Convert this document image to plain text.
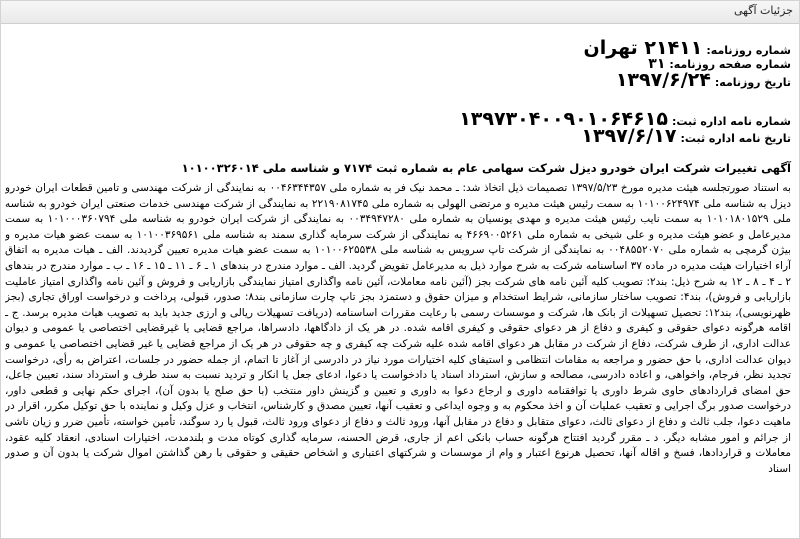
جزئیات آگهی
شماره روزنامه:
۲۱۴۱۱ تهران
شماره صفحه روزنامه:
۳۱
تاریخ روزنامه:
۱۳۹۷/۶/۲۴
شماره نامه اداره ثبت:
۱۳۹۷۳۰۴۰۰۹۰۱۰۶۴۶۱۵
تاریخ نامه اداره ثبت:
۱۳۹۷/۶/۱۷
آگهی تغییرات شرکت ایران خودرو دیزل شرکت سهامی عام به شماره ثبت ۷۱۷۴ و شناسه ملی ۱۰۱۰۰۳۲۶۰۱۴
به استناد صورتجلسه هیئت مدیره مورخ ۱۳۹۷/۵/۲۳ تصمیمات ذیل اتخاذ شد: ـ محمد نیک فر به شماره ملی ۰۰۴۶۳۴۴۳۵۷ به نمایندگی از شرکت مهندسی و تامین قطعات ایران خودرو دیزل به شناسه ملی ۱۰۱۰۰۶۲۴۹۷۴ به سمت رئیس هیئت مدیره و مرتضی الهولی به شماره ملی ۲۲۱۹۰۸۱۷۴۵ به نمایندگی از شرکت مهندسی خدمات صنعتی ایران خودرو به شناسه ملی ۱۰۱۰۱۸۰۱۵۲۹ به سمت نایب رئیس هیئت مدیره و مهدی یونسیان به شماره ملی ۰۰۳۴۹۴۷۲۸۰ به نمایندگی از شرکت ایران خودرو به شناسه ملی ۱۰۱۰۰۰۳۶۰۷۹۴ به سمت مدیرعامل و عضو هیئت مدیره و علی شیخی به شماره ملی ۴۶۶۹۰۰۵۲۶۱ به نمایندگی از شرکت سرمایه گذاری سمند به شناسه ملی ۱۰۱۰۰۳۶۹۵۶۱ به سمت عضو هیات مدیره و بیژن گرمچی به شماره ملی ۰۰۴۸۵۵۲۰۷۰ به نمایندگی از شرکت تاپ سرویس به شناسه ملی ۱۰۱۰۰۶۲۵۵۳۸ به سمت عضو هیات مدیره تعیین گردیدند. الف ـ هیات مدیره به اتفاق آراء اختیارات هیئت مدیره در ماده ۳۷ اساسنامه شرکت به شرح موارد ذیل به مدیرعامل تفویض گردید. الف ـ موارد مندرج در بندهای ۱ ـ ۶ ـ ۱۱ ـ ۱۵ ـ ۱۶ ـ ب ـ موارد مندرج در بندهای ۲ ـ ۴ ـ ۸ ـ ۱۲ به شرح ذیل: بند۲: تصویب کلیه آئین نامه های شرکت بجز (آئین نامه معاملات، آئین نامه واگذاری امتیاز نمایندگی بازاریابی و فروش و آئین نامه واگذاری امتیاز عاملیت بازاریابی و فروش)، بند۴: تصویب ساختار سازمانی، شرایط استخدام و میزان حقوق و دستمزد بجز تاپ چارت سازمانی بند۸: صدور، قبولی، پرداخت و درخواست اوراق تجاری (بجز ظهرنویسی)، بند۱۲: تحصیل تسهیلات از بانک ها، شرکت و موسسات رسمی با رعایت مقررات اساسنامه (دریافت تسهیلات ریالی و ارزی جدید باید به تصویب هیات مدیره برسد. ج ـ اقامه هرگونه دعوای حقوقی و کیفری و دفاع از هر دعوای حقوقی و کیفری اقامه شده. در هر یک از دادگاهها، دادسراها، مراجع قضایی یا غیرقضایی اختصاصی یا عمومی و دیوان عدالت اداری، از طرف شرکت، دفاع از شرکت در مقابل هر دعوای اقامه شده علیه شرکت چه کیفری و چه حقوقی در هر یک از مراجع قضایی یا غیر قضایی اختصاصی یا عمومی و دیوان عدالت اداری، با حق حضور و مراجعه به مقامات انتظامی و استیفای کلیه اختیارات مورد نیاز در دادرسی از آغاز تا اتمام، از جمله حضور در جلسات، اعتراض به رأی، درخواست تجدید نظر، فرجام، واخواهی، و اعاده دادرسی، مصالحه و سازش، استرداد اسناد یا دادخواست یا دعوا، ادعای جعل یا انکار و تردید نسبت به سند طرف و استرداد سند، تعیین جاعل، حق امضای قراردادهای حاوی شرط داوری یا توافقنامه داوری و ارجاع دعوا به داوری و تعیین و گزینش داور منتخب (با حق صلح یا بدون آن)، اجرای حکم نهایی و قطعی داور، درخواست صدور برگ اجرایی و تعقیب عملیات آن و اخذ محکوم به و وجوه ایداعی و تعقیب آنها، تعیین مصدق و کارشناس، انتخاب و عزل وکیل و نماینده با حق توکیل مکرر، اقرار در ماهیت دعوا، جلب ثالث و دفاع از دعوای ثالث، دعوای متقابل و دفاع در مقابل آنها، ورود ثالث و دفاع از دعوای ورود ثالث، قبول یا رد سوگند، تأمین خواسته، تأمین ضرر و زیان ناشی از جرائم و امور مشابه دیگر. د ـ مقرر گردید افتتاح هرگونه حساب بانکی اعم از جاری، قرض الحسنه، سرمایه گذاری کوتاه مدت و بلندمدت، اختیارات اسنادی، انعقاد کلیه عقود، معاملات و قراردادها، فسخ و اقاله آنها، تحصیل هرنوع اعتبار و وام از موسسات و شرکتهای اعتباری و اشخاص حقیقی و حقوقی با رهن گذاشتن اموال شرکت یا بدون آن و صدور اسناد
